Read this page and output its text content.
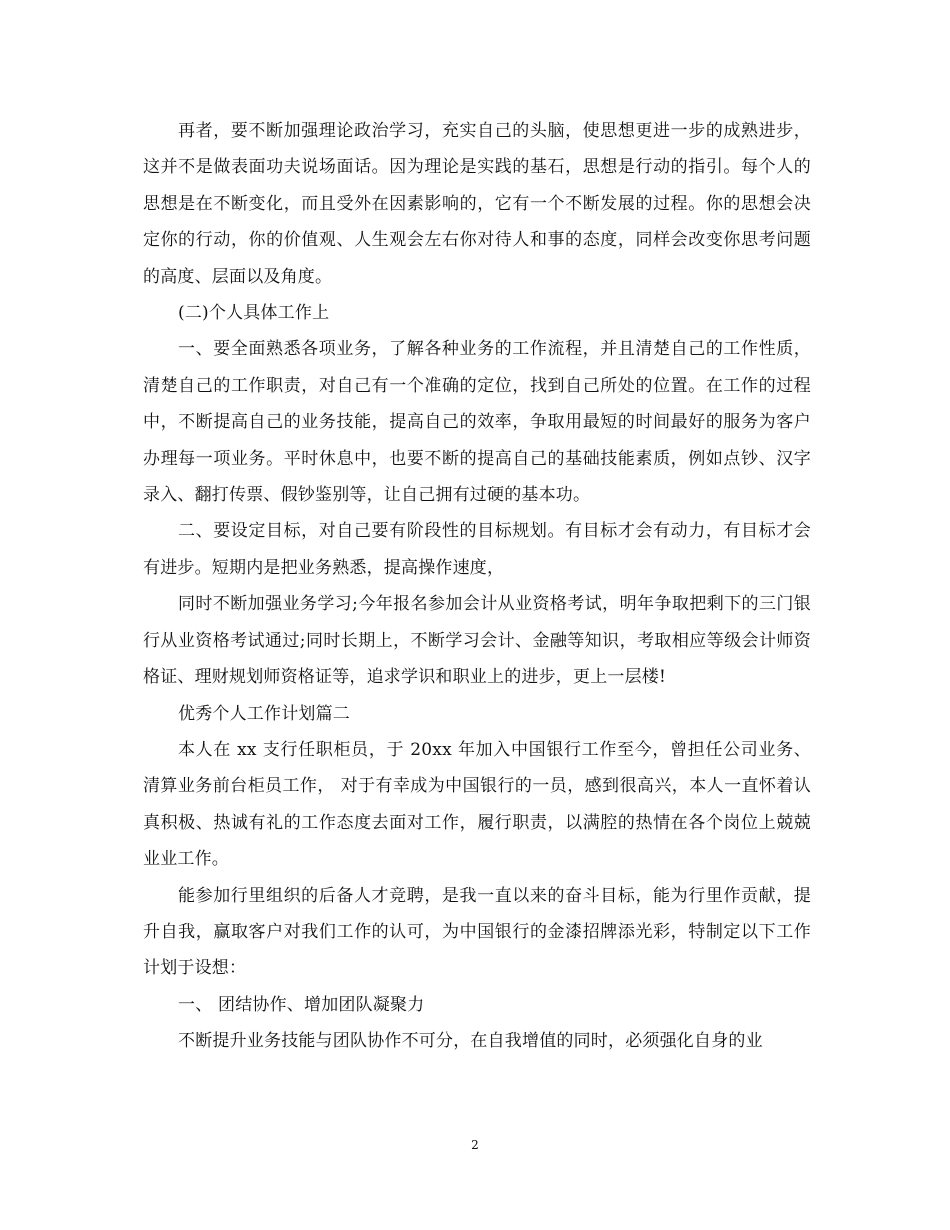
再者，要不断加强理论政治学习，充实自己的头脑，使思想更进一步的成熟进步，这并不是做表面功夫说场面话。因为理论是实践的基石，思想是行动的指引。每个人的思想是在不断变化，而且受外在因素影响的，它有一个不断发展的过程。你的思想会决定你的行动，你的价值观、人生观会左右你对待人和事的态度，同样会改变你思考问题的高度、层面以及角度。

(二)个人具体工作上

一、要全面熟悉各项业务，了解各种业务的工作流程，并且清楚自己的工作性质，清楚自己的工作职责，对自己有一个准确的定位，找到自己所处的位置。在工作的过程中，不断提高自己的业务技能，提高自己的效率，争取用最短的时间最好的服务为客户办理每一项业务。平时休息中，也要不断的提高自己的基础技能素质，例如点钞、汉字录入、翻打传票、假钞鉴别等，让自己拥有过硬的基本功。

二、要设定目标，对自己要有阶段性的目标规划。有目标才会有动力，有目标才会有进步。短期内是把业务熟悉，提高操作速度，

同时不断加强业务学习;今年报名参加会计从业资格考试，明年争取把剩下的三门银行从业资格考试通过;同时长期上，不断学习会计、金融等知识，考取相应等级会计师资格证、理财规划师资格证等，追求学识和职业上的进步，更上一层楼!

优秀个人工作计划篇二

本人在 xx 支行任职柜员，于 20xx 年加入中国银行工作至今，曾担任公司业务、清算业务前台柜员工作， 对于有幸成为中国银行的一员，感到很高兴，本人一直怀着认真积极、热诚有礼的工作态度去面对工作，履行职责，以满腔的热情在各个岗位上兢兢业业工作。

能参加行里组织的后备人才竞聘，是我一直以来的奋斗目标，能为行里作贡献，提升自我，赢取客户对我们工作的认可，为中国银行的金漆招牌添光彩，特制定以下工作计划于设想：

一、 团结协作、增加团队凝聚力

不断提升业务技能与团队协作不可分，在自我增值的同时，必须强化自身的业

2
